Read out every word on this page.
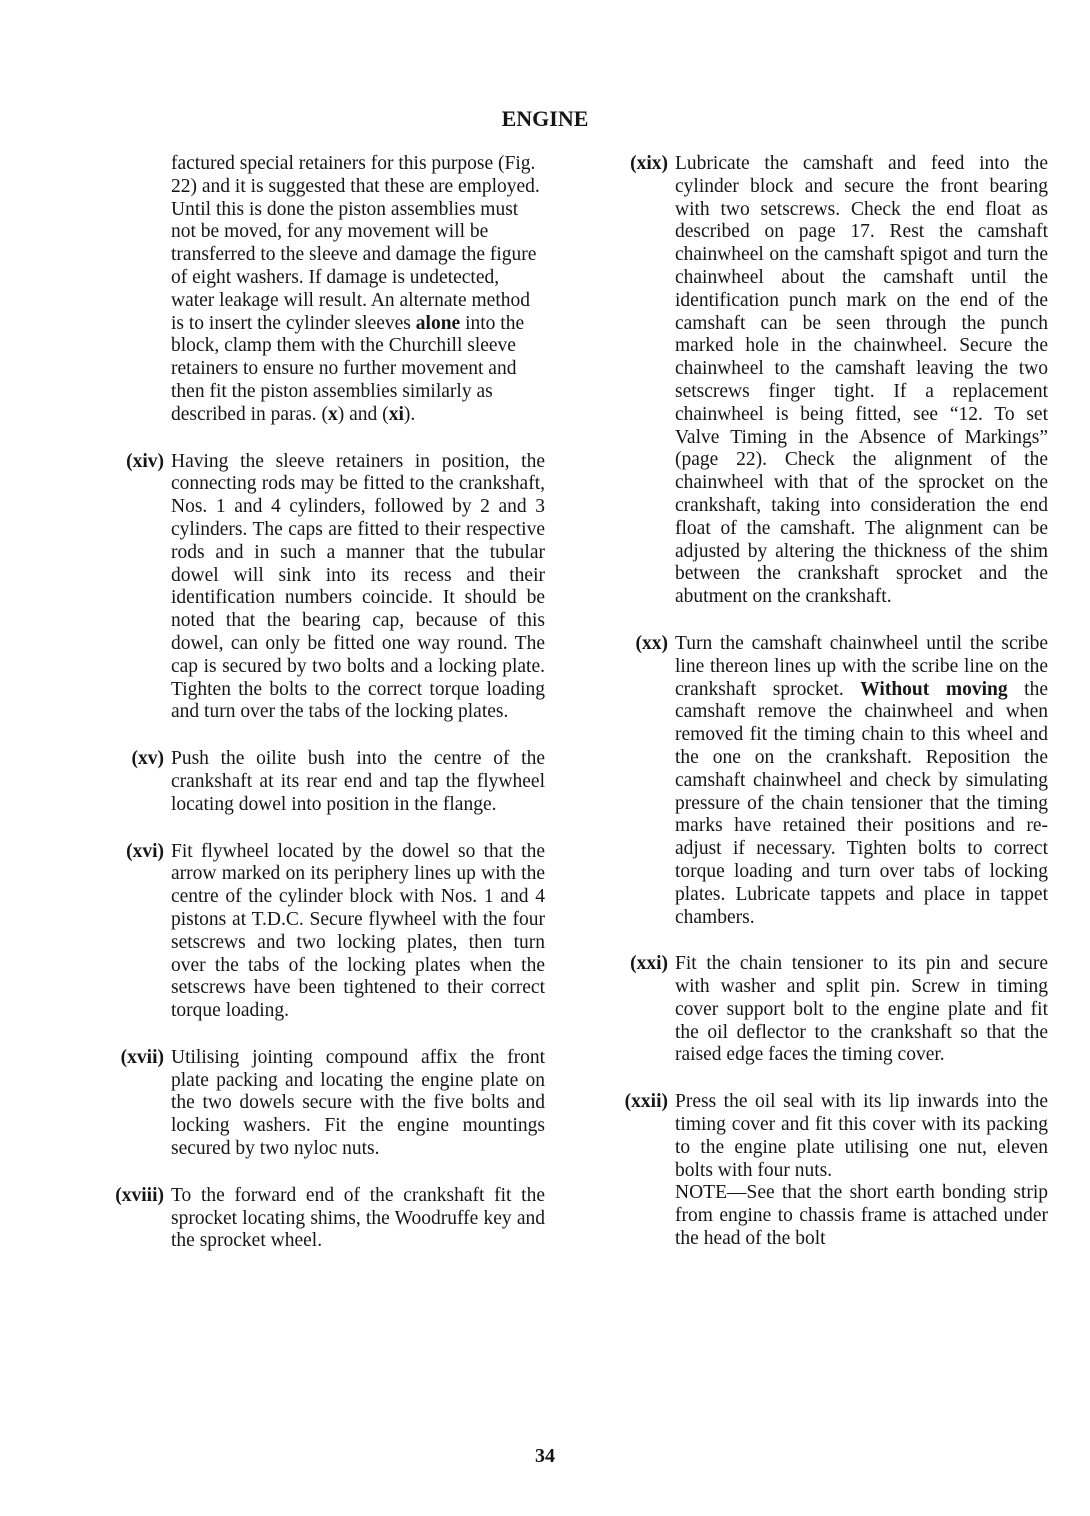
ENGINE

factured special retainers for this purpose (Fig. 22) and it is suggested that these are employed. Until this is done the piston assemblies must not be moved, for any movement will be transferred to the sleeve and damage the figure of eight washers. If damage is undetected, water leakage will result. An alternate method is to insert the cylinder sleeves alone into the block, clamp them with the Churchill sleeve retainers to ensure no further movement and then fit the piston assemblies similarly as described in paras. (x) and (xi).

(xiv) Having the sleeve retainers in position, the connecting rods may be fitted to the crankshaft, Nos. 1 and 4 cylinders, followed by 2 and 3 cylinders. The caps are fitted to their respective rods and in such a manner that the tubular dowel will sink into its recess and their identification numbers coincide. It should be noted that the bearing cap, because of this dowel, can only be fitted one way round. The cap is secured by two bolts and a locking plate. Tighten the bolts to the correct torque loading and turn over the tabs of the locking plates.
(xv) Push the oilite bush into the centre of the crankshaft at its rear end and tap the flywheel locating dowel into position in the flange.
(xvi) Fit flywheel located by the dowel so that the arrow marked on its periphery lines up with the centre of the cylinder block with Nos. 1 and 4 pistons at T.D.C. Secure flywheel with the four setscrews and two locking plates, then turn over the tabs of the locking plates when the setscrews have been tightened to their correct torque loading.
(xvii) Utilising jointing compound affix the front plate packing and locating the engine plate on the two dowels secure with the five bolts and locking washers. Fit the engine mountings secured by two nyloc nuts.
(xviii) To the forward end of the crankshaft fit the sprocket locating shims, the Woodruffe key and the sprocket wheel.
(xix) Lubricate the camshaft and feed into the cylinder block and secure the front bearing with two setscrews. Check the end float as described on page 17. Rest the camshaft chainwheel on the camshaft spigot and turn the chainwheel about the camshaft until the identification punch mark on the end of the camshaft can be seen through the punch marked hole in the chainwheel. Secure the chainwheel to the camshaft leaving the two setscrews finger tight. If a replacement chainwheel is being fitted, see “12. To set Valve Timing in the Absence of Markings” (page 22). Check the alignment of the chainwheel with that of the sprocket on the crankshaft, taking into consideration the end float of the camshaft. The alignment can be adjusted by altering the thickness of the shim between the crankshaft sprocket and the abutment on the crankshaft.
(xx) Turn the camshaft chainwheel until the scribe line thereon lines up with the scribe line on the crankshaft sprocket. Without moving the camshaft remove the chainwheel and when removed fit the timing chain to this wheel and the one on the crankshaft. Reposition the camshaft chainwheel and check by simulating pressure of the chain tensioner that the timing marks have retained their positions and re-adjust if necessary. Tighten bolts to correct torque loading and turn over tabs of locking plates. Lubricate tappets and place in tappet chambers.
(xxi) Fit the chain tensioner to its pin and secure with washer and split pin. Screw in timing cover support bolt to the engine plate and fit the oil deflector to the crankshaft so that the raised edge faces the timing cover.
(xxii) Press the oil seal with its lip inwards into the timing cover and fit this cover with its packing to the engine plate utilising one nut, eleven bolts with four nuts.

NOTE—See that the short earth bonding strip from engine to chassis frame is attached under the head of the bolt

34
